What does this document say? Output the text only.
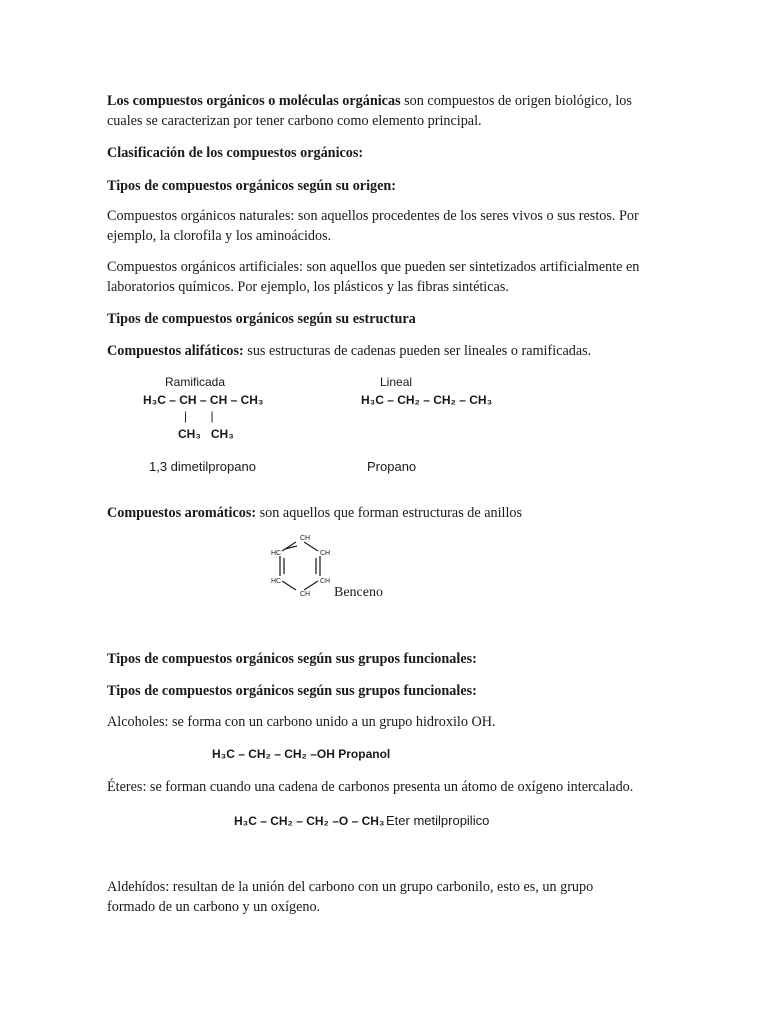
Los compuestos orgánicos o moléculas orgánicas son compuestos de origen biológico, los cuales se caracterizan por tener carbono como elemento principal.

Clasificación de los compuestos orgánicos:

Tipos de compuestos orgánicos según su origen:

Compuestos orgánicos naturales: son aquellos procedentes de los seres vivos o sus restos. Por ejemplo, la clorofila y los aminoácidos.

Compuestos orgánicos artificiales: son aquellos que pueden ser sintetizados artificialmente en laboratorios químicos. Por ejemplo, los plásticos y las fibras sintéticas.

Tipos de compuestos orgánicos según su estructura

Compuestos alifáticos: sus estructuras de cadenas pueden ser lineales o ramificadas.

Ramificada

H₃C – CH – CH – CH₃

|       |

CH₃   CH₃

1,3 dimetilpropano

Lineal

H₃C – CH₂ – CH₂ – CH₃

Propano

Compuestos aromáticos: son aquellos que forman estructuras de anillos

CH
CH
CH
CH
HC
HC
Benceno

Tipos de compuestos orgánicos según sus grupos funcionales:

Tipos de compuestos orgánicos según sus grupos funcionales:

Alcoholes: se forma con un carbono unido a un grupo hidroxilo OH.

H₃C – CH₂ – CH₂ –OH Propanol

Éteres: se forman cuando una cadena de carbonos presenta un átomo de oxígeno intercalado.

H₃C – CH₂ – CH₂ –O – CH₃ Eter metilpropilico

Aldehídos: resultan de la unión del carbono con un grupo carbonilo, esto es, un grupo formado de un carbono y un oxígeno.
